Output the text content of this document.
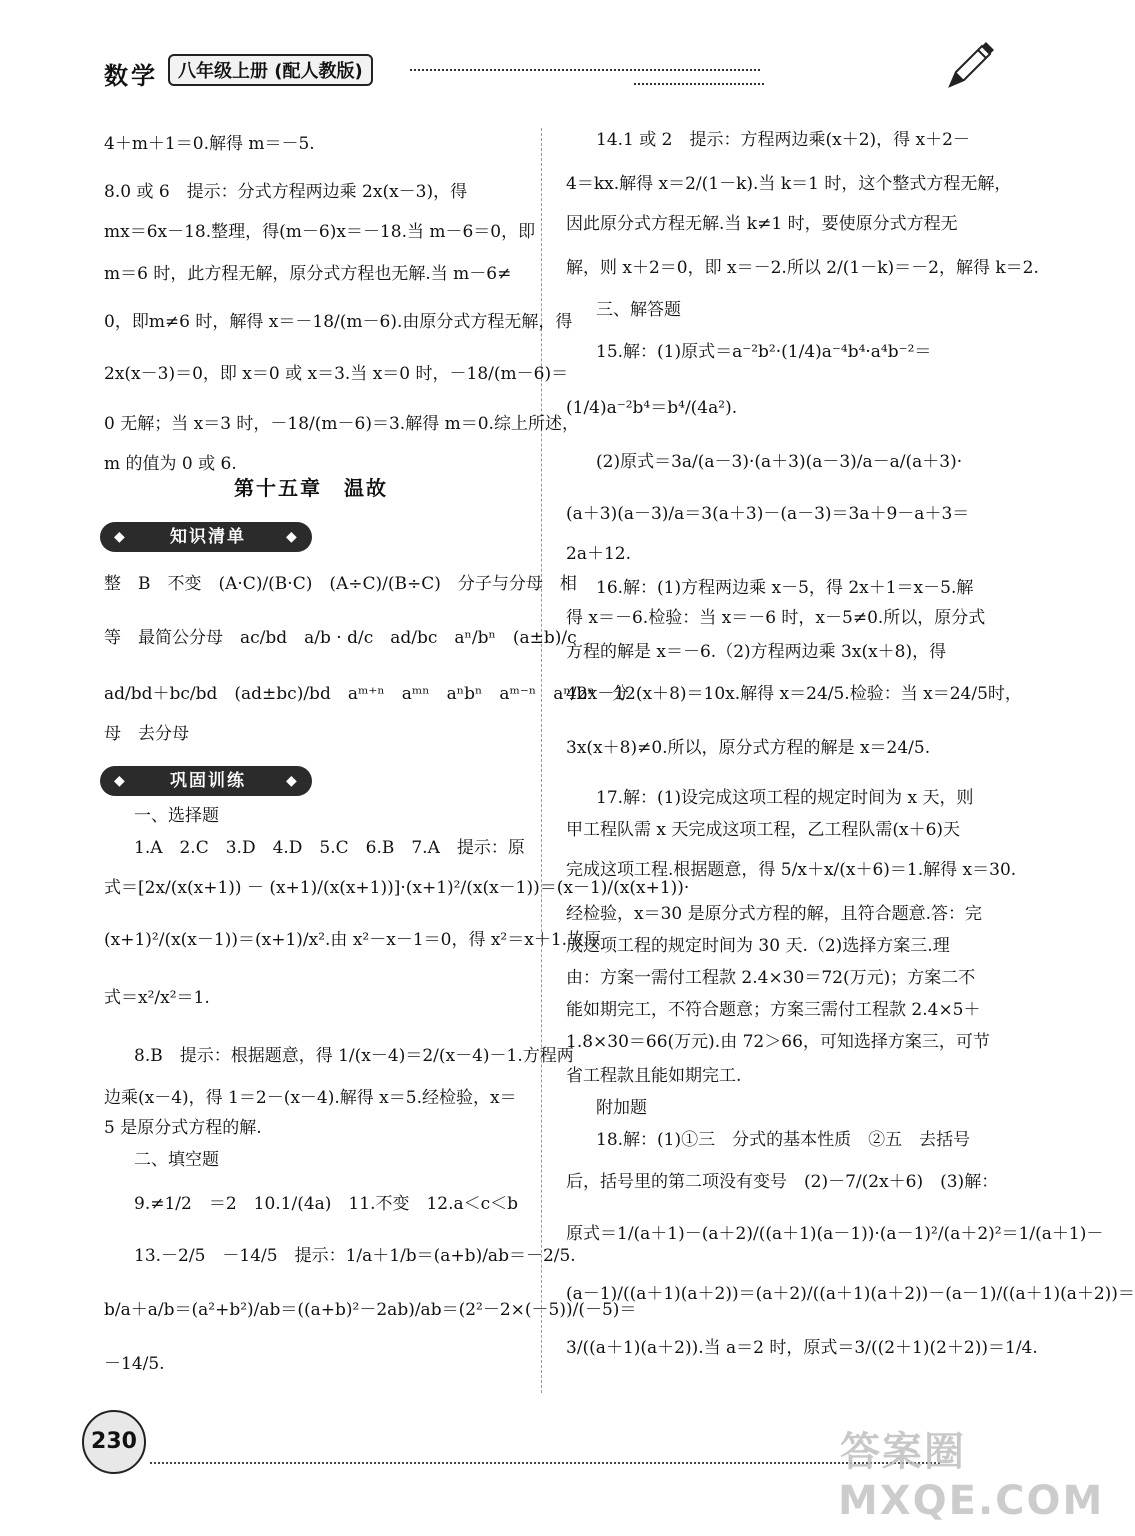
数学	八年级上册 (配人教版)
4＋m＋1＝0.解得 m＝－5.
8.0 或 6　提示：分式方程两边乘 2x(x－3)，得
mx＝6x－18.整理，得(m－6)x＝－18.当 m－6＝0，即
m＝6 时，此方程无解，原分式方程也无解.当 m－6≠
0，即m≠6 时，解得 x＝－18/(m－6).由原分式方程无解，得
2x(x－3)＝0，即 x＝0 或 x＝3.当 x＝0 时，－18/(m－6)＝
0 无解；当 x＝3 时，－18/(m－6)＝3.解得 m＝0.综上所述，
m 的值为 0 或 6.
第十五章　温故
◆	知识清单	◆
整　B　不变　(A·C)/(B·C)　(A÷C)/(B÷C)　分子与分母　相
等　最简公分母　ac/bd　a/b · d/c　ad/bc　aⁿ/bⁿ　(a±b)/c
ad/bd＋bc/bd　(ad±bc)/bd　aᵐ⁺ⁿ　aᵐⁿ　aⁿbⁿ　aᵐ⁻ⁿ　aⁿ/bⁿ　分
母　去分母
◆	巩固训练	◆
一、选择题
1.A　2.C　3.D　4.D　5.C　6.B　7.A　提示：原
式＝[2x/(x(x+1)) － (x+1)/(x(x+1))]·(x+1)²/(x(x－1))＝(x－1)/(x(x+1))·
(x+1)²/(x(x－1))＝(x+1)/x².由 x²－x－1＝0，得 x²＝x＋1.故原
式＝x²/x²＝1.
8.B　提示：根据题意，得 1/(x－4)＝2/(x－4)－1.方程两
边乘(x－4)，得 1＝2－(x－4).解得 x＝5.经检验，x＝
5 是原分式方程的解.
二、填空题
9.≠1/2　＝2　10.1/(4a)　11.不变　12.a＜c＜b
13.－2/5　－14/5　提示：1/a＋1/b＝(a+b)/ab＝－2/5.
b/a＋a/b＝(a²+b²)/ab＝((a+b)²－2ab)/ab＝(2²－2×(－5))/(－5)＝
－14/5.
14.1 或 2　提示：方程两边乘(x＋2)，得 x＋2－
4＝kx.解得 x＝2/(1－k).当 k＝1 时，这个整式方程无解，
因此原分式方程无解.当 k≠1 时，要使原分式方程无
解，则 x＋2＝0，即 x＝－2.所以 2/(1－k)＝－2，解得 k＝2.
三、解答题
15.解：(1)原式＝a⁻²b²·(1/4)a⁻⁴b⁴·a⁴b⁻²＝
(1/4)a⁻²b⁴＝b⁴/(4a²).
(2)原式＝3a/(a－3)·(a＋3)(a－3)/a－a/(a＋3)·
(a＋3)(a－3)/a＝3(a＋3)－(a－3)＝3a＋9－a＋3＝
2a＋12.
16.解：(1)方程两边乘 x－5，得 2x＋1＝x－5.解
得 x＝－6.检验：当 x＝－6 时，x－5≠0.所以，原分式
方程的解是 x＝－6.（2)方程两边乘 3x(x＋8)，得
42x－12(x＋8)＝10x.解得 x＝24/5.检验：当 x＝24/5时，
3x(x＋8)≠0.所以，原分式方程的解是 x＝24/5.
17.解：(1)设完成这项工程的规定时间为 x 天，则
甲工程队需 x 天完成这项工程，乙工程队需(x＋6)天
完成这项工程.根据题意，得 5/x＋x/(x＋6)＝1.解得 x＝30.
经检验，x＝30 是原分式方程的解，且符合题意.答：完
成这项工程的规定时间为 30 天.（2)选择方案三.理
由：方案一需付工程款 2.4×30＝72(万元)；方案二不
能如期完工，不符合题意；方案三需付工程款 2.4×5＋
1.8×30＝66(万元).由 72＞66，可知选择方案三，可节
省工程款且能如期完工.
附加题
18.解：(1)①三　分式的基本性质　②五　去括号
后，括号里的第二项没有变号　(2)－7/(2x＋6)　(3)解：
原式＝1/(a＋1)－(a＋2)/((a＋1)(a－1))·(a－1)²/(a＋2)²＝1/(a＋1)－
(a－1)/((a＋1)(a＋2))＝(a＋2)/((a＋1)(a＋2))－(a－1)/((a＋1)(a＋2))＝
3/((a＋1)(a＋2)).当 a＝2 时，原式＝3/((2＋1)(2＋2))＝1/4.
230	答案圈
MXQE.COM
